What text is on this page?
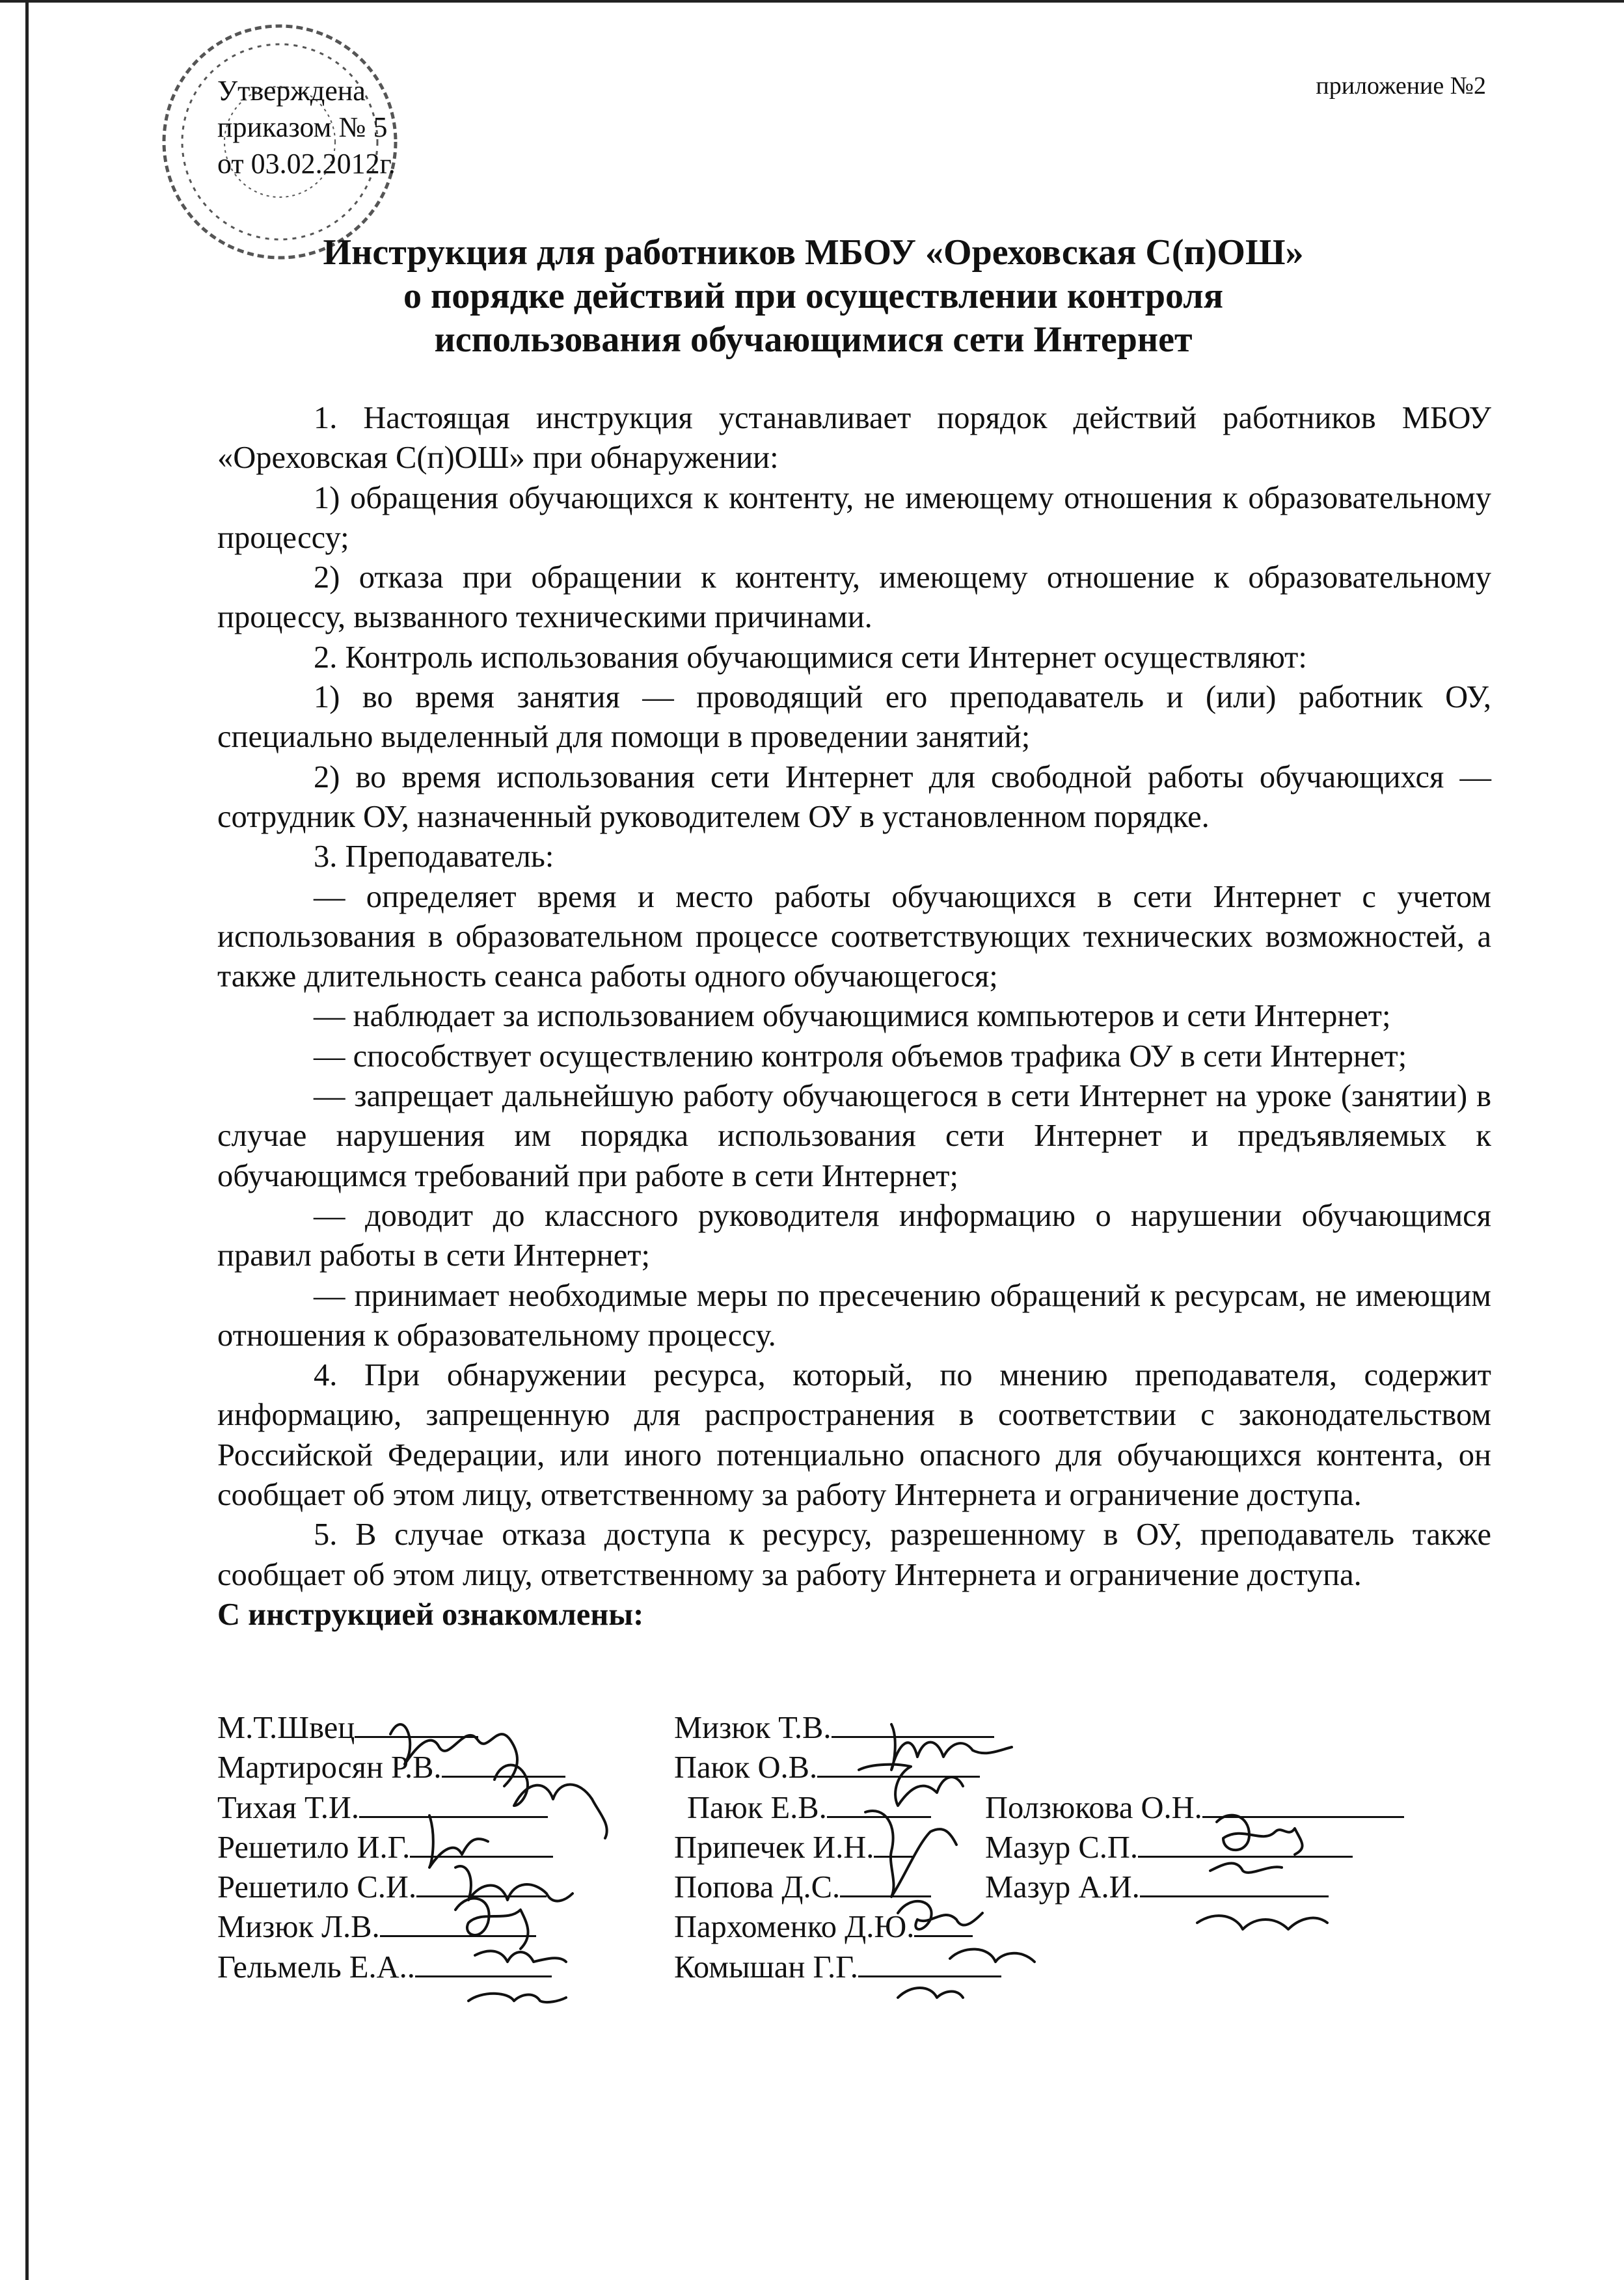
Утверждена
приказом № 5
от 03.02.2012г.
приложение №2
Инструкция для работников МБОУ «Ореховская С(п)ОШ»
о порядке действий при осуществлении контроля
использования обучающимися сети Интернет

1. Настоящая инструкция устанавливает порядок действий работников МБОУ «Ореховская С(п)ОШ» при обнаружении:

1) обращения обучающихся к контенту, не имеющему отношения к образовательному процессу;

2) отказа при обращении к контенту, имеющему отношение к образовательному процессу, вызванного техническими причинами.

2. Контроль использования обучающимися сети Интернет осуществляют:

1) во время занятия — проводящий его преподаватель и (или) работник ОУ, специально выделенный для помощи в проведении занятий;

2) во время использования сети Интернет для свободной работы обучающихся — сотрудник ОУ, назначенный руководителем ОУ в установленном порядке.

3. Преподаватель:

— определяет время и место работы обучающихся в сети Интернет с учетом использования в образовательном процессе соответствующих технических возможностей, а также длительность сеанса работы одного обучающегося;

— наблюдает за использованием обучающимися компьютеров и сети Интернет;

— способствует осуществлению контроля объемов трафика ОУ в сети Интернет;

— запрещает дальнейшую работу обучающегося в сети Интернет на уроке (занятии) в случае нарушения им порядка использования сети Интернет и предъявляемых к обучающимся требований при работе в сети Интернет;

— доводит до классного руководителя информацию о нарушении обучающимся правил работы в сети Интернет;

— принимает необходимые меры по пресечению обращений к ресурсам, не имеющим отношения к образовательному процессу.

4. При обнаружении ресурса, который, по мнению преподавателя, содержит информацию, запрещенную для распространения в соответствии с законодательством Российской Федерации, или иного потенциально опасного для обучающихся контента, он сообщает об этом лицу, ответственному за работу Интернета и ограничение доступа.

5. В случае отказа доступа к ресурсу, разрешенному в ОУ, преподаватель также сообщает об этом лицу, ответственному за работу Интернета и ограничение доступа.

С инструкцией ознакомлены:

М.Т.Швец	Мизюк Т.В.
Мартиросян Р.В.	Паюк О.В.
Тихая Т.И.	Паюк Е.В.	Ползюкова О.Н.
Решетило И.Г.	Припечек И.Н.	Мазур С.П.
Решетило С.И.	Попова Д.С.	Мазур А.И.
Мизюк Л.В.	Пархоменко Д.Ю.
Гельмель Е.А..	Комышан Г.Г.
